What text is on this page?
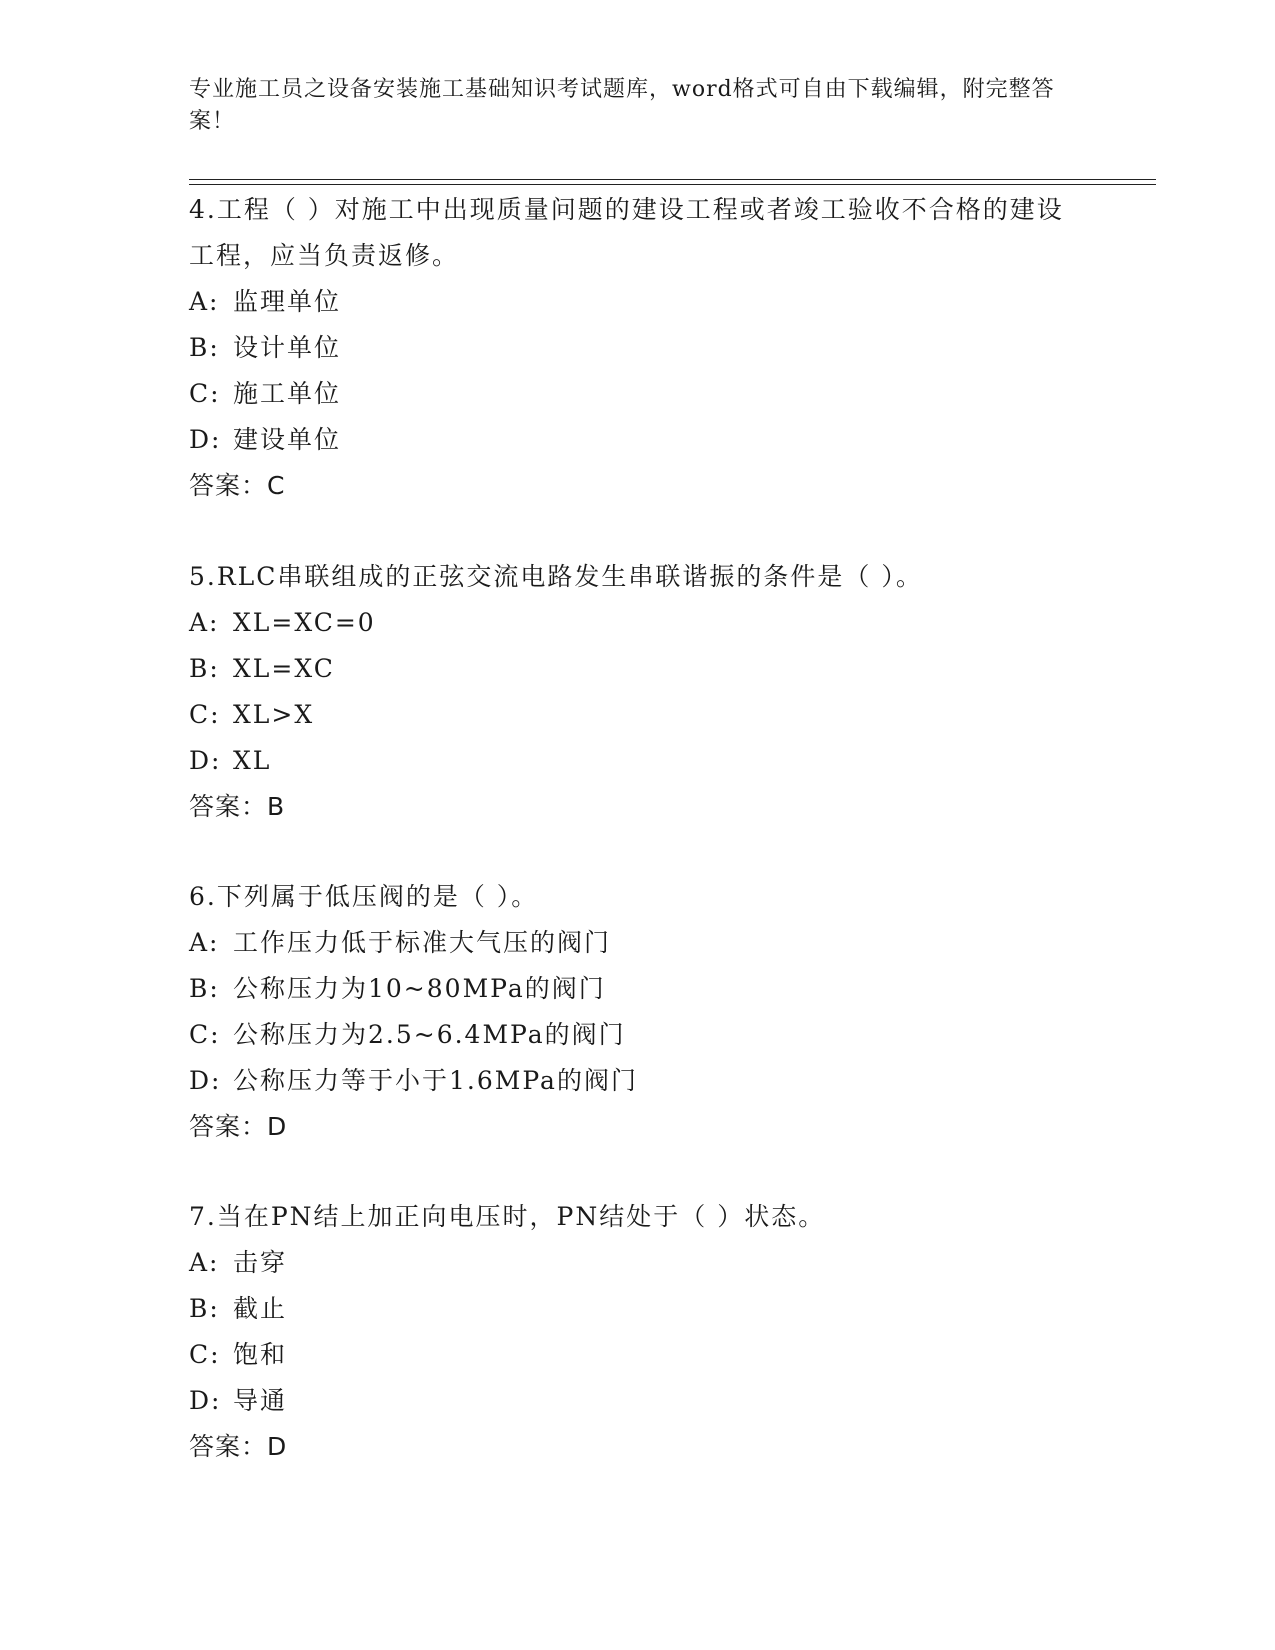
专业施工员之设备安装施工基础知识考试题库，word格式可自由下载编辑，附完整答案！

4.工程（ ）对施工中出现质量问题的建设工程或者竣工验收不合格的建设工程，应当负责返修。

A: 监理单位

B: 设计单位

C: 施工单位

D: 建设单位

答案：C

5.RLC串联组成的正弦交流电路发生串联谐振的条件是（ ）。

A: XL=XC=0

B: XL=XC

C: XL>X

D: XL

答案：B

6.下列属于低压阀的是（ ）。

A: 工作压力低于标准大气压的阀门

B: 公称压力为10~80MPa的阀门

C: 公称压力为2.5~6.4MPa的阀门

D: 公称压力等于小于1.6MPa的阀门

答案：D

7.当在PN结上加正向电压时，PN结处于（ ）状态。

A: 击穿

B: 截止

C: 饱和

D: 导通

答案：D
